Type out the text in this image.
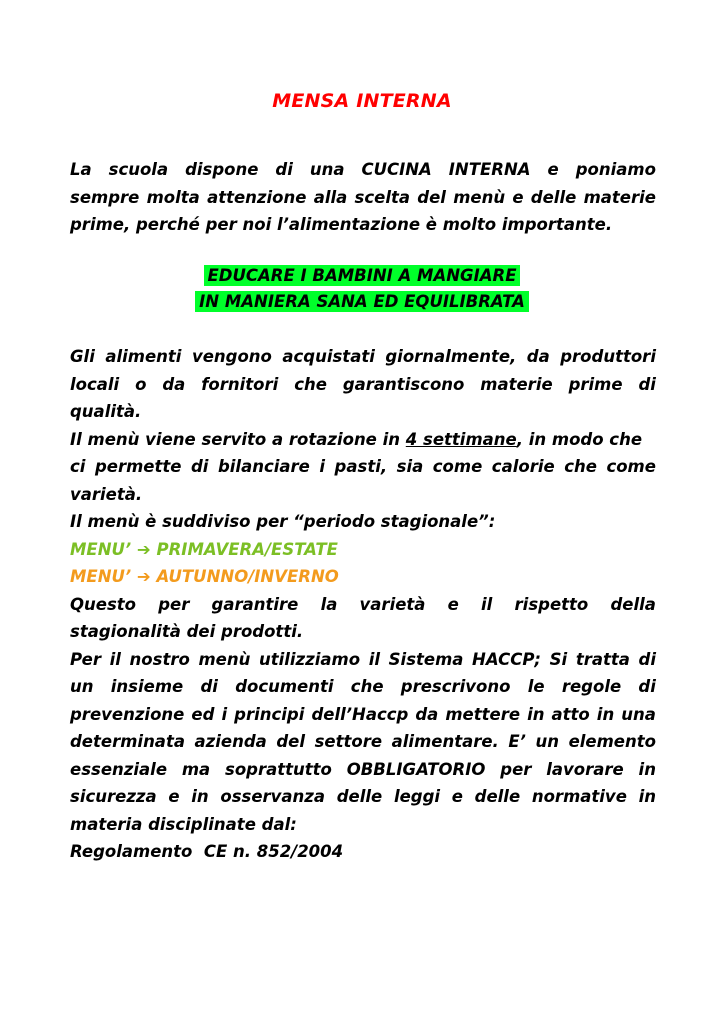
MENSA INTERNA
La scuola dispone di una CUCINA INTERNA e poniamo
sempre molta attenzione alla scelta del menù e delle materie
prime, perché per noi l’alimentazione è molto importante.
EDUCARE I BAMBINI A MANGIARE
IN MANIERA SANA ED EQUILIBRATA
Gli alimenti vengono acquistati giornalmente, da produttori
locali o da fornitori che garantiscono materie prime di
qualità.
Il menù viene servito a rotazione in 4 settimane, in modo che
ci permette di bilanciare i pasti, sia come calorie che come
varietà.
Il menù è suddiviso per “periodo stagionale”:
MENU’ ➔ PRIMAVERA/ESTATE
MENU’ ➔ AUTUNNO/INVERNO
Questo per garantire la varietà e il rispetto della
stagionalità dei prodotti.
Per il nostro menù utilizziamo il Sistema HACCP; Si tratta di
un insieme di documenti che prescrivono le regole di
prevenzione ed i principi dell’Haccp da mettere in atto in una
determinata azienda del settore alimentare. E’ un elemento
essenziale ma soprattutto OBBLIGATORIO per lavorare in
sicurezza e in osservanza delle leggi e delle normative in
materia disciplinate dal:
Regolamento  CE n. 852/2004
